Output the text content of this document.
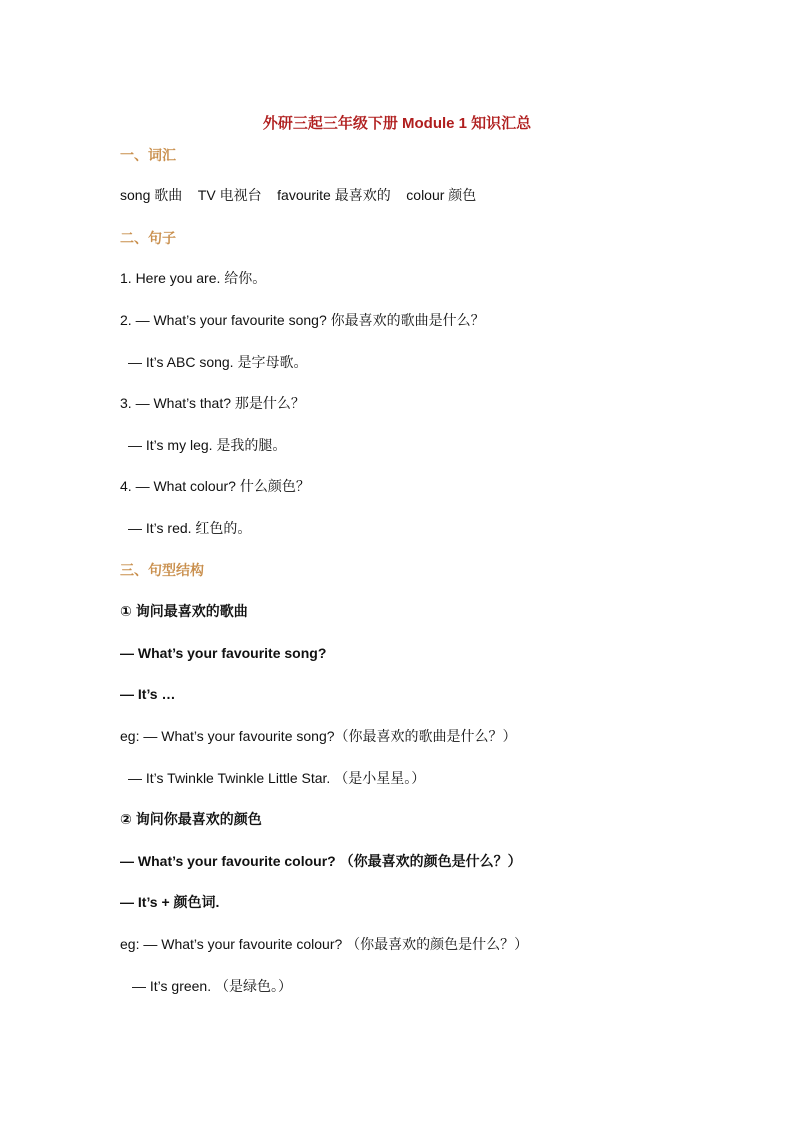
外研三起三年级下册 Module 1 知识汇总
一、词汇
song 歌曲    TV 电视台    favourite 最喜欢的    colour 颜色
二、句子
1. Here you are. 给你。
2. — What’s your favourite song? 你最喜欢的歌曲是什么？
— It’s ABC song. 是字母歌。
3. — What’s that? 那是什么？
— It’s my leg. 是我的腿。
4. — What colour? 什么颜色？
— It’s red. 红色的。
三、句型结构
① 询问最喜欢的歌曲
— What’s your favourite song?
— It’s …
eg: — What’s your favourite song?（你最喜欢的歌曲是什么？）
— It’s Twinkle Twinkle Little Star. （是小星星。）
② 询问你最喜欢的颜色
— What’s your favourite colour? （你最喜欢的颜色是什么？）
— It’s + 颜色词.
eg: — What’s your favourite colour? （你最喜欢的颜色是什么？）
— It’s green. （是绿色。）
